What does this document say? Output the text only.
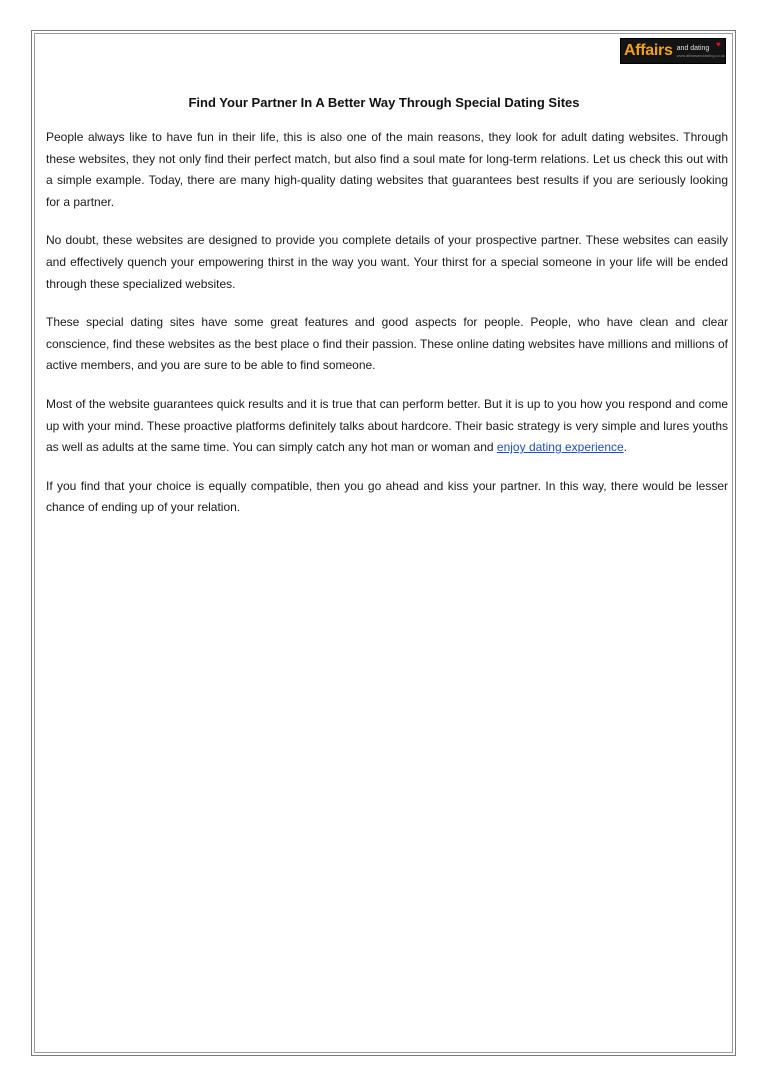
Affairs and dating
www.affairsanddating.co.uk
♥
Find Your Partner In A Better Way Through Special Dating Sites

People always like to have fun in their life, this is also one of the main reasons, they look for adult dating websites. Through these websites, they not only find their perfect match, but also find a soul mate for long-term relations. Let us check this out with a simple example. Today, there are many high-quality dating websites that guarantees best results if you are seriously looking for a partner.

No doubt, these websites are designed to provide you complete details of your prospective partner. These websites can easily and effectively quench your empowering thirst in the way you want. Your thirst for a special someone in your life will be ended through these specialized websites.

These special dating sites have some great features and good aspects for people. People, who have clean and clear conscience, find these websites as the best place o find their passion. These online dating websites have millions and millions of active members, and you are sure to be able to find someone.

Most of the website guarantees quick results and it is true that can perform better. But it is up to you how you respond and come up with your mind. These proactive platforms definitely talks about hardcore. Their basic strategy is very simple and lures youths as well as adults at the same time. You can simply catch any hot man or woman and enjoy dating experience.

If you find that your choice is equally compatible, then you go ahead and kiss your partner. In this way, there would be lesser chance of ending up of your relation.
